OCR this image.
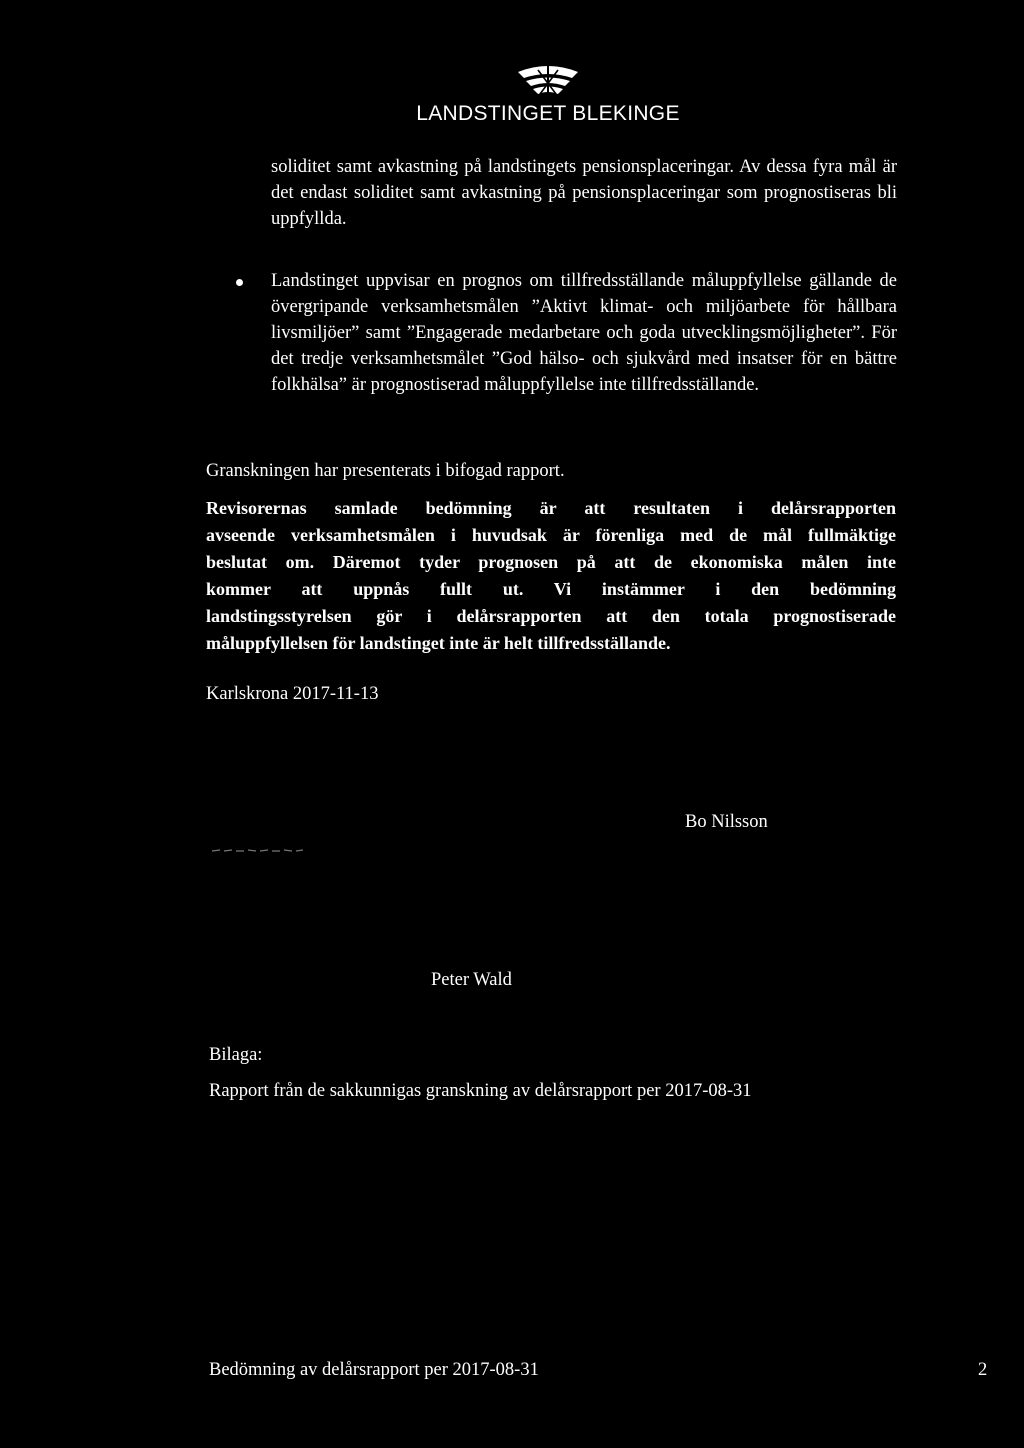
LANDSTINGET BLEKINGE

soliditet samt avkastning på landstingets pensionsplaceringar. Av dessa fyra mål är det endast soliditet samt avkastning på pensionsplaceringar som prognostiseras bli uppfyllda.

Landstinget uppvisar en prognos om tillfredsställande måluppfyllelse gällande de övergripande verksamhetsmålen ”Aktivt klimat- och miljöarbete för hållbara livsmiljöer” samt ”Engagerade medarbetare och goda utvecklingsmöjligheter”. För det tredje verksamhetsmålet ”God hälso- och sjukvård med insatser för en bättre folkhälsa” är prognostiserad måluppfyllelse inte tillfredsställande.

Granskningen har presenterats i bifogad rapport.

Revisorernas samlade bedömning är att resultaten i delårsrapporten
avseende verksamhetsmålen i huvudsak är förenliga med de mål fullmäktige
beslutat om. Däremot tyder prognosen på att de ekonomiska målen inte
kommer att uppnås fullt ut. Vi instämmer i den bedömning
landstingsstyrelsen gör i delårsrapporten att den totala prognostiserade
måluppfyllelsen för landstinget inte är helt tillfredsställande.
Karlskrona 2017-11-13
Bo Nilsson
Peter Wald
Bilaga:
Rapport från de sakkunnigas granskning av delårsrapport per 2017-08-31
Bedömning av delårsrapport per 2017-08-31	2
